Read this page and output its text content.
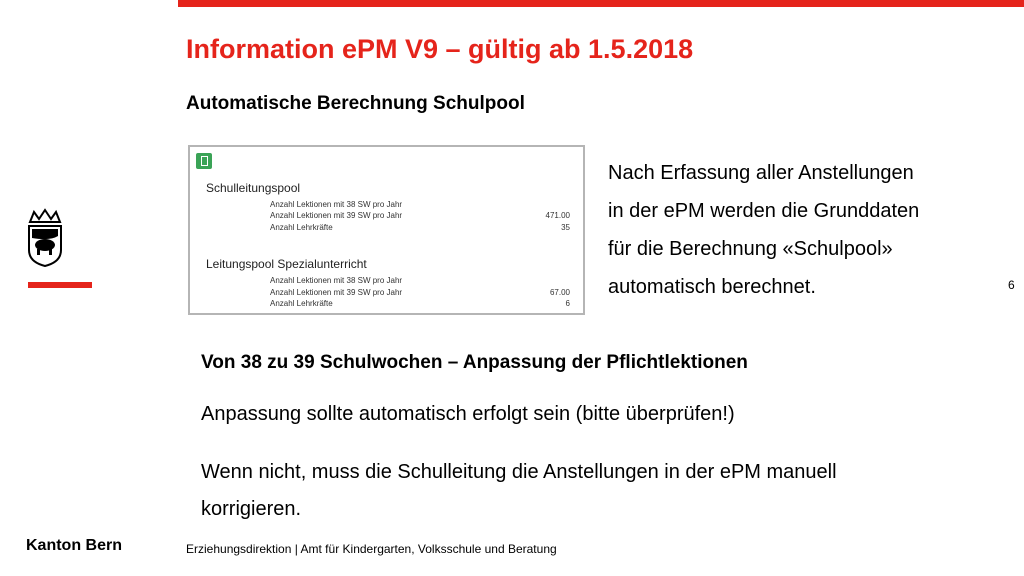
Information ePM V9 – gültig ab 1.5.2018
Automatische Berechnung Schulpool
Schulleitungspool
Anzahl Lektionen mit 38 SW pro Jahr
Anzahl Lektionen mit 39 SW pro Jahr	471.00
Anzahl Lehrkräfte	35
Leitungspool Spezialunterricht
Anzahl Lektionen mit 38 SW pro Jahr
Anzahl Lektionen mit 39 SW pro Jahr	67.00
Anzahl Lehrkräfte	6
Nach Erfassung aller Anstellungen
in der ePM werden die Grunddaten
für die Berechnung «Schulpool»
automatisch berechnet.	6
Von 38 zu 39 Schulwochen – Anpassung der Pflichtlektionen
Anpassung sollte automatisch erfolgt sein (bitte überprüfen!)
Wenn nicht, muss die Schulleitung die Anstellungen in der ePM manuell
korrigieren.
Kanton Bern	Erziehungsdirektion | Amt für Kindergarten, Volksschule und Beratung
